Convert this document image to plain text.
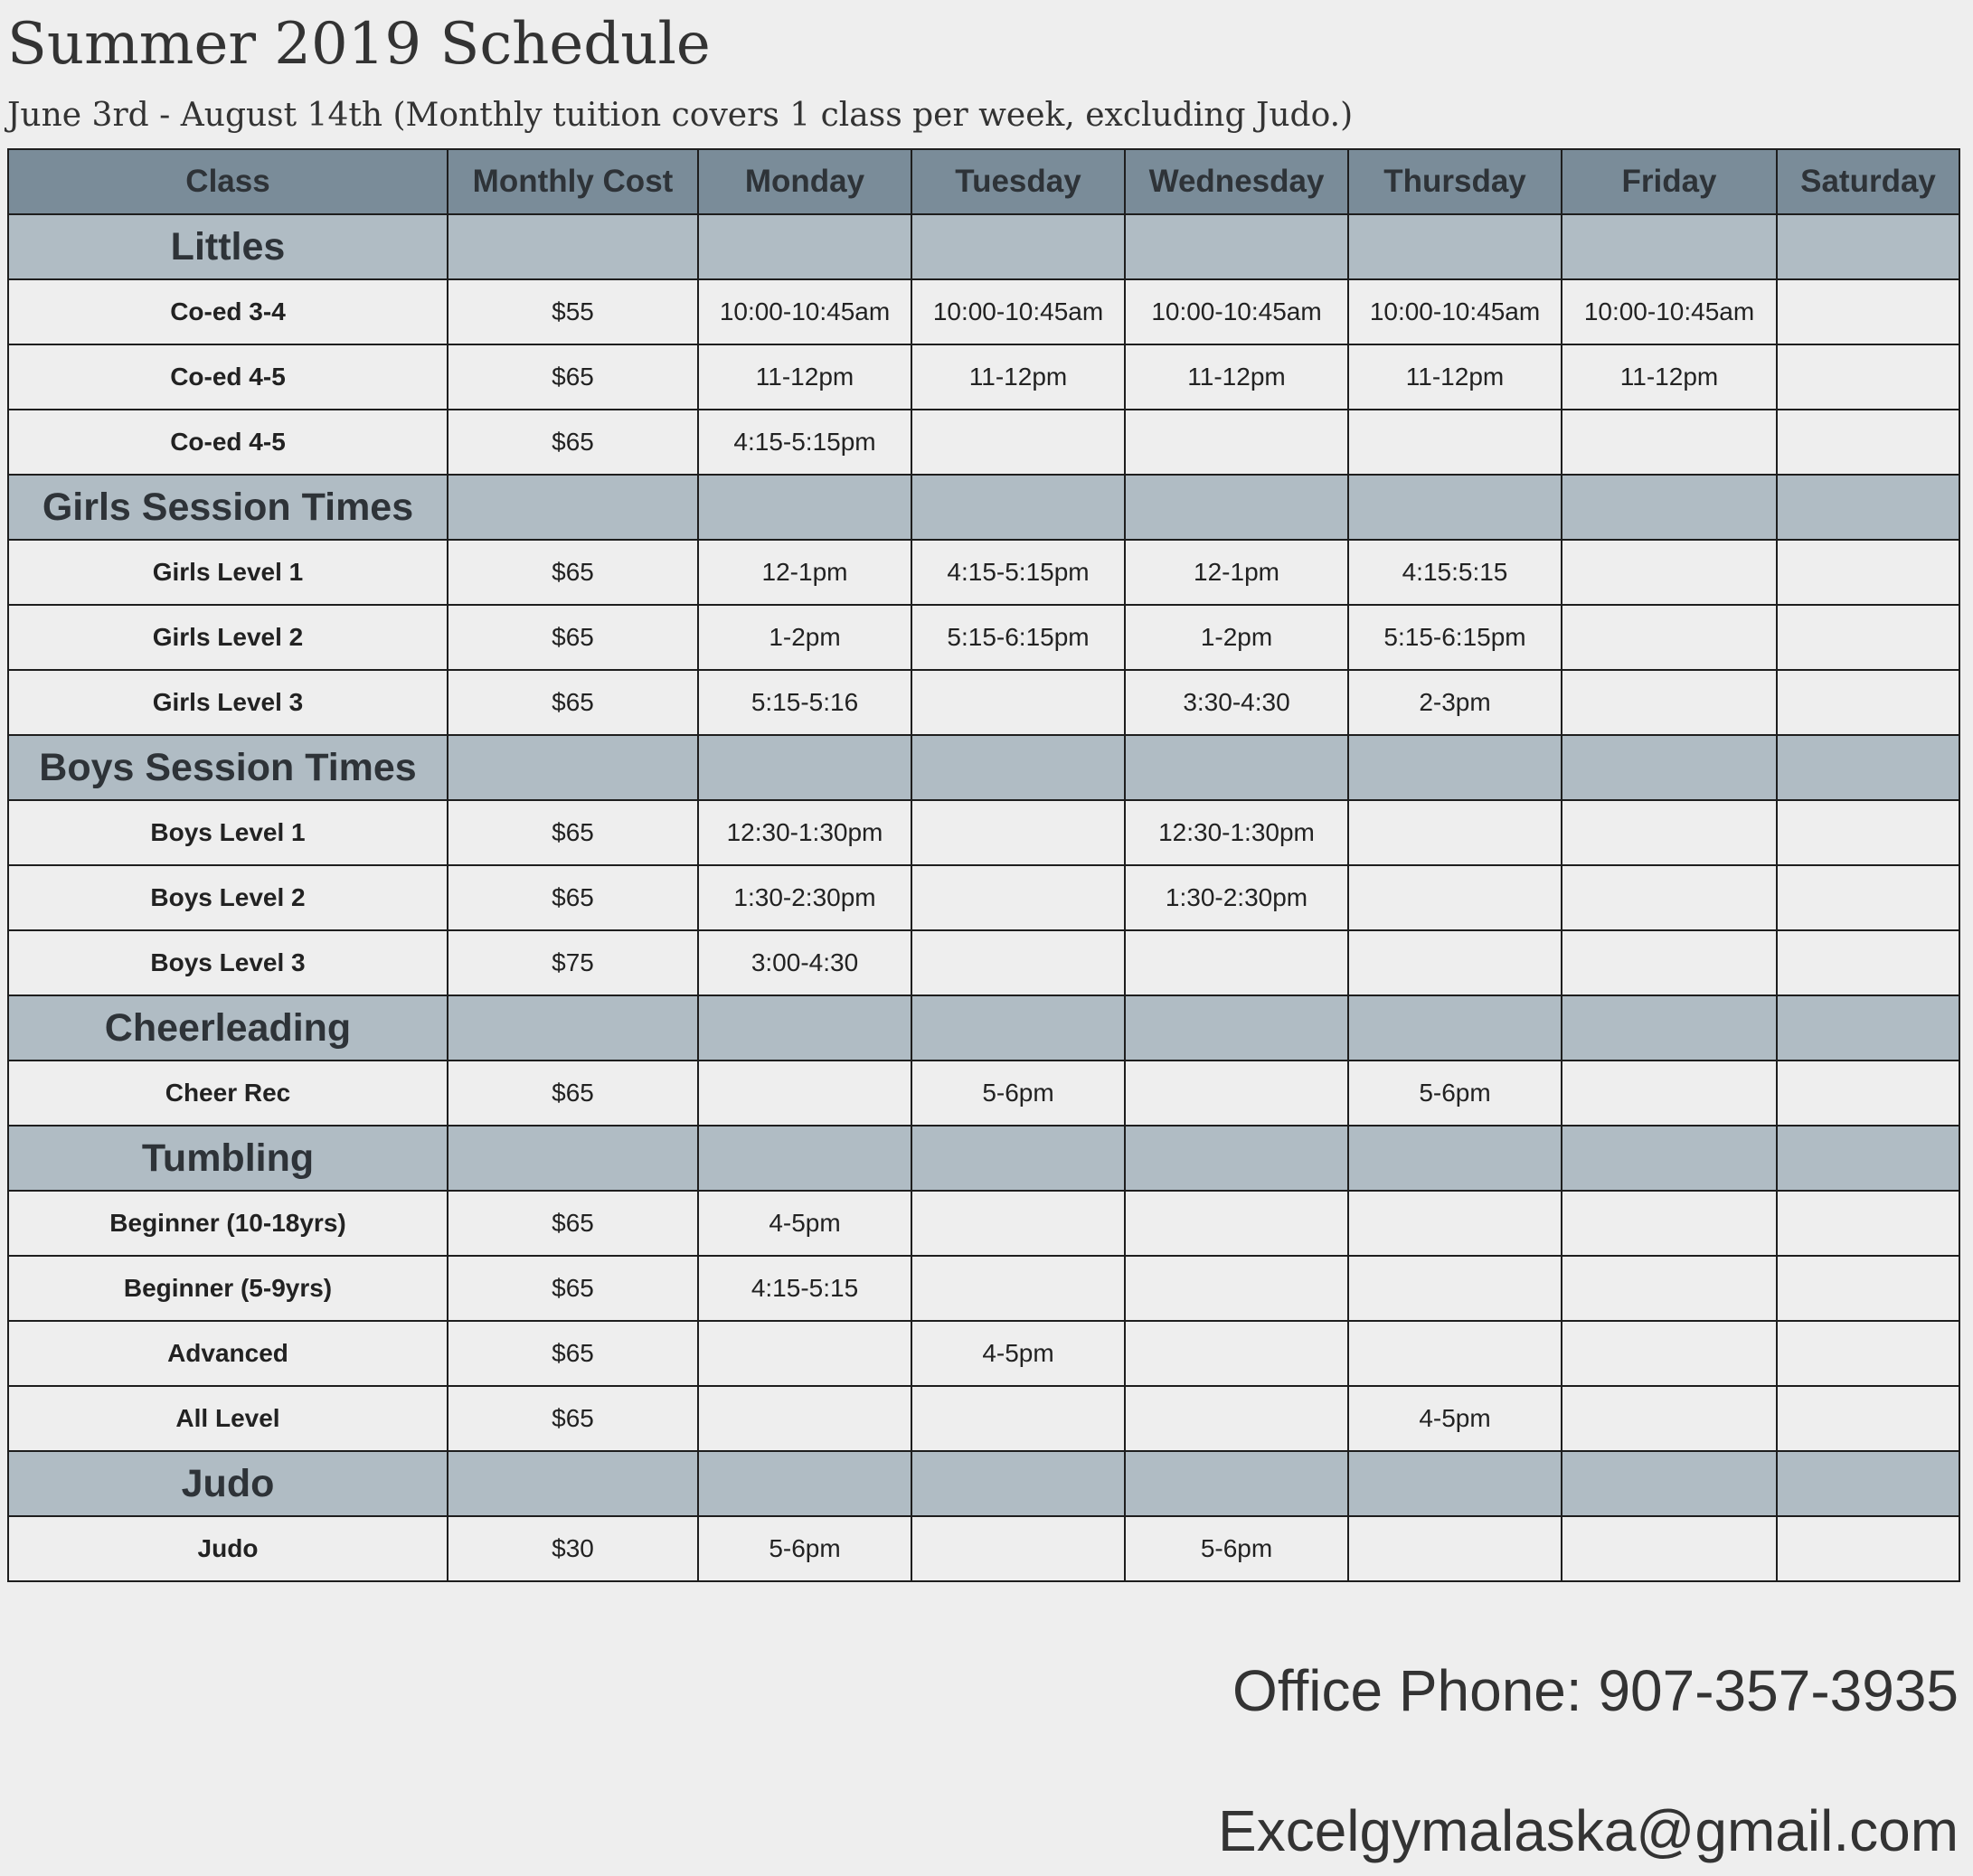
Summer 2019 Schedule

June 3rd - August 14th (Monthly tuition covers 1 class per week, excluding Judo.)

Class	Monthly Cost	Monday	Tuesday	Wednesday	Thursday	Friday	Saturday
Littles							
Co-ed 3-4	$55	10:00-10:45am	10:00-10:45am	10:00-10:45am	10:00-10:45am	10:00-10:45am	
Co-ed 4-5	$65	11-12pm	11-12pm	11-12pm	11-12pm	11-12pm	
Co-ed 4-5	$65	4:15-5:15pm					
Girls Session Times							
Girls Level 1	$65	12-1pm	4:15-5:15pm	12-1pm	4:15:5:15		
Girls Level 2	$65	1-2pm	5:15-6:15pm	1-2pm	5:15-6:15pm		
Girls Level 3	$65	5:15-5:16		3:30-4:30	2-3pm		
Boys Session Times							
Boys Level 1	$65	12:30-1:30pm		12:30-1:30pm			
Boys Level 2	$65	1:30-2:30pm		1:30-2:30pm			
Boys Level 3	$75	3:00-4:30					
Cheerleading							
Cheer Rec	$65		5-6pm		5-6pm		
Tumbling							
Beginner (10-18yrs)	$65	4-5pm					
Beginner (5-9yrs)	$65	4:15-5:15					
Advanced	$65		4-5pm				
All Level	$65				4-5pm		
Judo							
Judo	$30	5-6pm		5-6pm			

Office Phone: 907-357-3935

Excelgymalaska@gmail.com
